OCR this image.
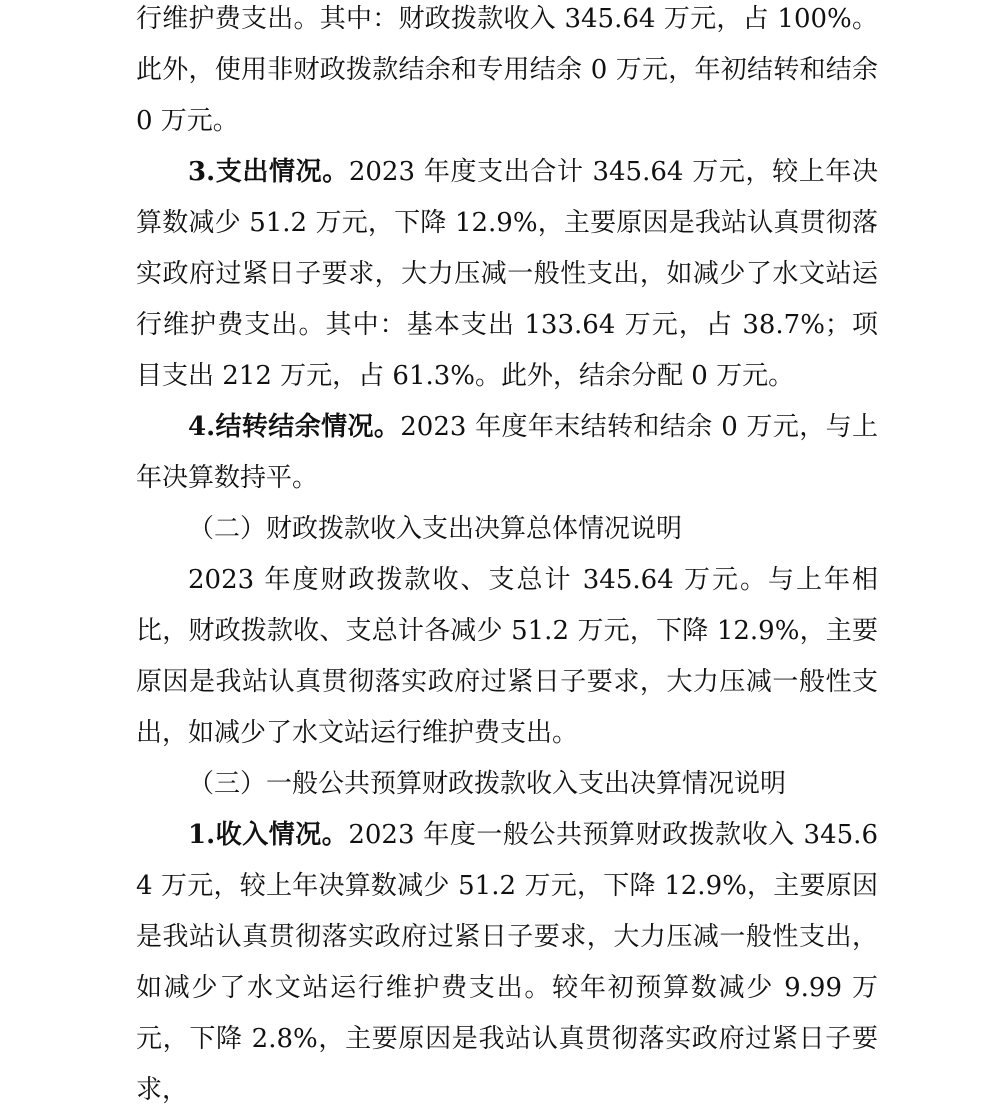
行维护费支出。其中：财政拨款收入 345.64 万元，占 100%。此外，使用非财政拨款结余和专用结余 0 万元，年初结转和结余 0 万元。

3.支出情况。2023 年度支出合计 345.64 万元，较上年决算数减少 51.2 万元，下降 12.9%，主要原因是我站认真贯彻落实政府过紧日子要求，大力压减一般性支出，如减少了水文站运行维护费支出。其中：基本支出 133.64 万元，占 38.7%；项目支出 212 万元，占 61.3%。此外，结余分配 0 万元。

4.结转结余情况。2023 年度年末结转和结余 0 万元，与上年决算数持平。

（二）财政拨款收入支出决算总体情况说明

2023 年度财政拨款收、支总计 345.64 万元。与上年相比，财政拨款收、支总计各减少 51.2 万元，下降 12.9%，主要原因是我站认真贯彻落实政府过紧日子要求，大力压减一般性支出，如减少了水文站运行维护费支出。

（三）一般公共预算财政拨款收入支出决算情况说明

1.收入情况。2023 年度一般公共预算财政拨款收入 345.64 万元，较上年决算数减少 51.2 万元，下降 12.9%，主要原因是我站认真贯彻落实政府过紧日子要求，大力压减一般性支出，如减少了水文站运行维护费支出。较年初预算数减少 9.99 万元，下降 2.8%，主要原因是我站认真贯彻落实政府过紧日子要求，
